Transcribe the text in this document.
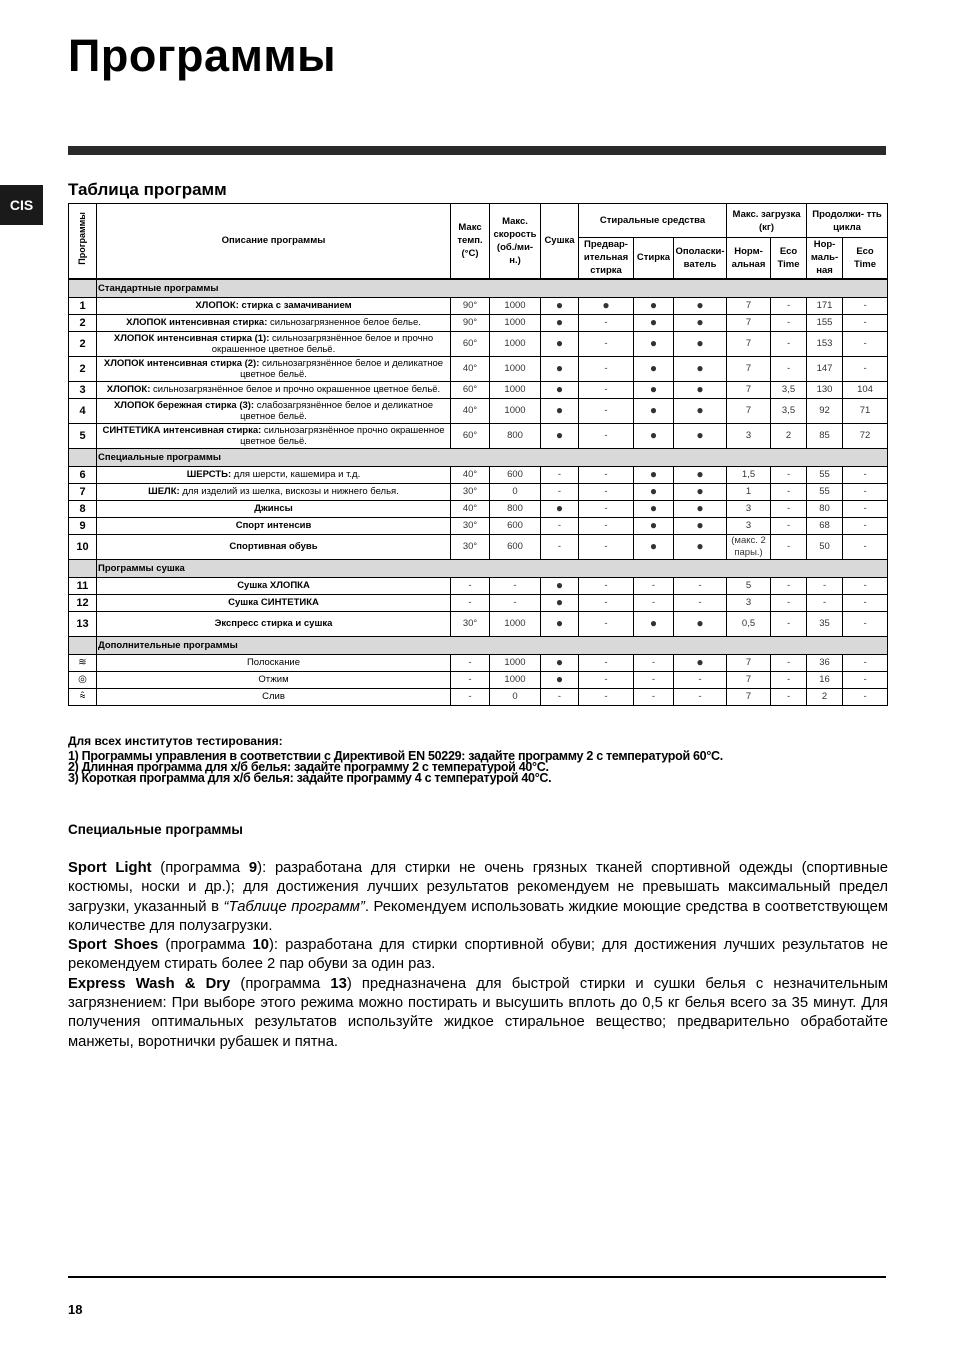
Программы
CIS
Таблица программ
Программы	Описание программы	Макс темп. (°C)	Макс. скорость (об./ми- н.)	Сушка	Стиральные средства			Макс. загрузка (кг)		Продолжи- тть цикла	
					Предвар- ительная стирка	Стирка	Ополаски- ватель	Норм- альная	Eco Time	Нор- маль- ная	Eco Time
	Стандартные программы										
1	ХЛОПОК: стирка с замачиванием	90°	1000	●	●	●	●	7	-	171	-
2	ХЛОПОК интенсивная стирка: сильнозагрязненное белое белье.	90°	1000	●	-	●	●	7	-	155	-
2	ХЛОПОК интенсивная стирка (1): сильнозагрязнённое белое и прочно окрашенное цветное бельё.	60°	1000	●	-	●	●	7	-	153	-
2	ХЛОПОК интенсивная стирка (2): сильнозагрязнённое белое и деликатное цветное бельё.	40°	1000	●	-	●	●	7	-	147	-
3	ХЛОПОК: сильнозагрязнённое белое и прочно окрашенное цветное бельё.	60°	1000	●	-	●	●	7	3,5	130	104
4	ХЛОПОК бережная стирка (3): слабозагрязнённое белое и деликатное цветное бельё.	40°	1000	●	-	●	●	7	3,5	92	71
5	СИНТЕТИКА интенсивная стирка: сильнозагрязнённое прочно окрашенное цветное бельё.	60°	800	●	-	●	●	3	2	85	72
	Специальные программы										
6	ШЕРСТЬ: для шерсти, кашемира и т.д.	40°	600	-	-	●	●	1,5	-	55	-
7	ШЕЛК: для изделий из шелка, вискозы и нижнего белья.	30°	0	-	-	●	●	1	-	55	-
8	Джинсы	40°	800	●	-	●	●	3	-	80	-
9	Спорт интенсив	30°	600	-	-	●	●	3	-	68	-
10	Спортивная обувь	30°	600	-	-	●	●	(макс. 2 пары.)	-	50	-
	Программы сушка										
11	Сушка ХЛОПКА	-	-	●	-	-	-	5	-	-	-
12	Сушка СИНТЕТИКА	-	-	●	-	-	-	3	-	-	-
13	Экспресс стирка и сушка	30°	1000	●	-	●	●	0,5	-	35	-
	Дополнительные программы										
≋	Полоскание	-	1000	●	-	-	●	7	-	36	-
◎	Отжим	-	1000	●	-	-	-	7	-	16	-
⩯	Слив	-	0	-	-	-	-	7	-	2	-
Для всех институтов тестирования:
1) Программы управления в соответствии с Директивой EN 50229: задайте программу 2 с температурой 60°C.
2) Длинная программа для х/б белья: задайте программу 2 с температурой 40°C.
3) Короткая программа для х/б белья: задайте программу 4 с температурой 40°C.
Специальные программы

Sport Light (программа 9): разработана для стирки не очень грязных тканей спортивной одежды (спортивные костюмы, носки и др.); для достижения лучших результатов рекомендуем не превышать максимальный предел загрузки, указанный в “Таблице программ”. Рекомендуем использовать жидкие моющие средства в соответствующем количестве для полузагрузки.

Sport Shoes (программа 10): разработана для стирки спортивной обуви; для достижения лучших результатов не рекомендуем стирать более 2 пар обуви за один раз.

Express Wash & Dry (программа 13) предназначена для быстрой стирки и сушки белья с незначительным загрязнением: При выборе этого режима можно постирать и высушить вплоть до 0,5 кг белья всего за 35 минут. Для получения оптимальных результатов используйте жидкое стиральное вещество; предварительно обработайте манжеты, воротнички рубашек и пятна.

18
